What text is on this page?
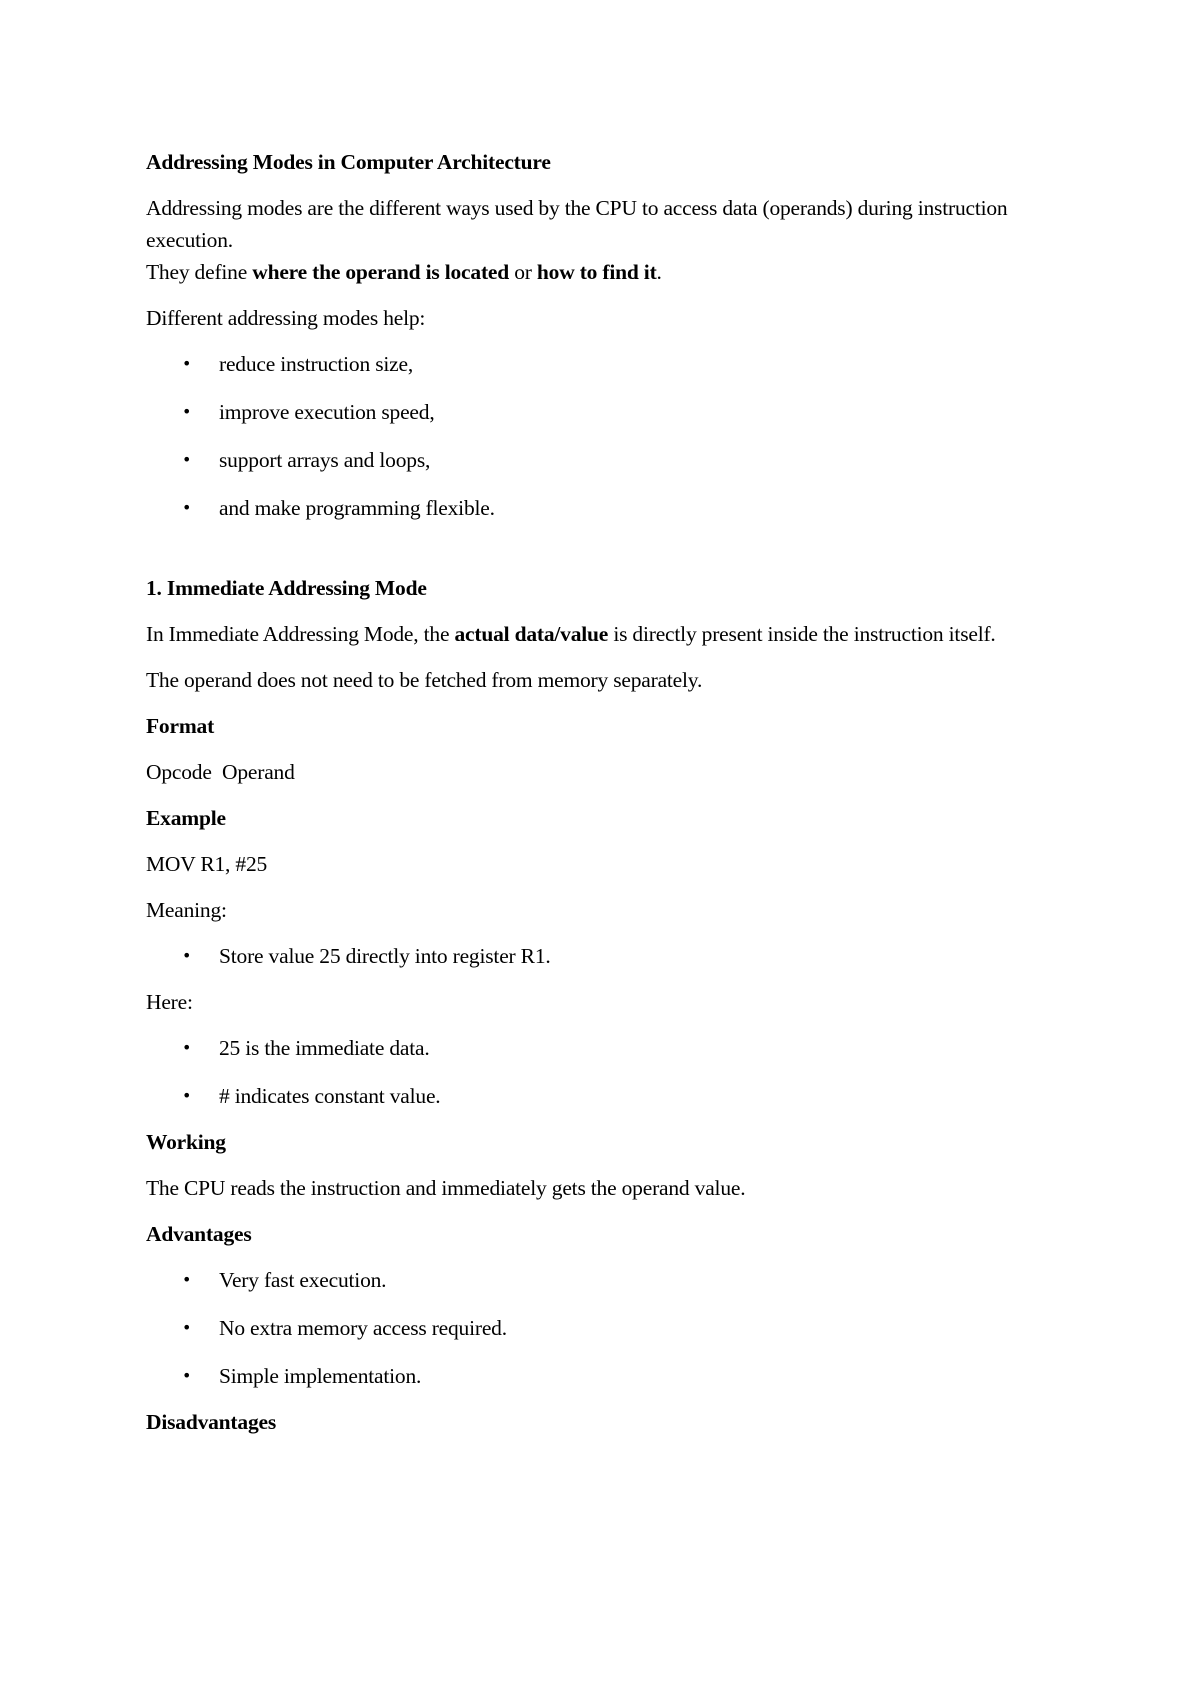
Addressing Modes in Computer Architecture

Addressing modes are the different ways used by the CPU to access data (operands) during instruction execution.

They define where the operand is located or how to find it.

Different addressing modes help:

• reduce instruction size,
• improve execution speed,
• support arrays and loops,
• and make programming flexible.

1. Immediate Addressing Mode

In Immediate Addressing Mode, the actual data/value is directly present inside the instruction itself.

The operand does not need to be fetched from memory separately.

Format

Opcode  Operand

Example

MOV R1, #25

Meaning:

• Store value 25 directly into register R1.

Here:

• 25 is the immediate data.
• # indicates constant value.

Working

The CPU reads the instruction and immediately gets the operand value.

Advantages

• Very fast execution.
• No extra memory access required.
• Simple implementation.

Disadvantages
